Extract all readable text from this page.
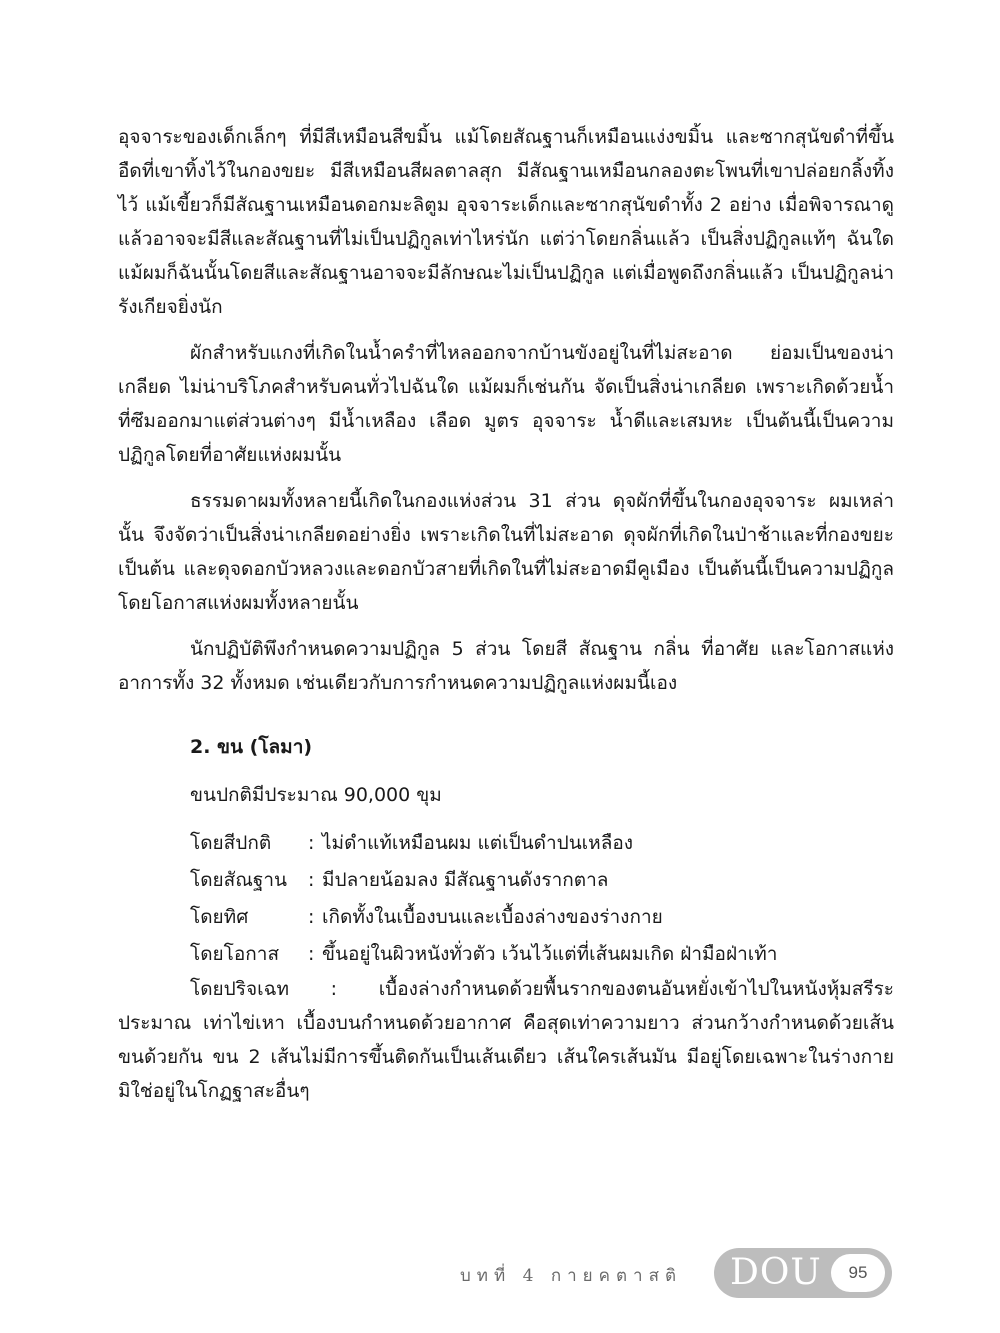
อุจจาระของเด็กเล็กๆ ที่มีสีเหมือนสีขมิ้น แม้โดยสัณฐานก็เหมือนแง่งขมิ้น และซากสุนัขดำที่ขึ้นอืดที่เขาทิ้งไว้ในกองขยะ มีสีเหมือนสีผลตาลสุก มีสัณฐานเหมือนกลองตะโพนที่เขาปล่อยกลิ้งทิ้งไว้ แม้เขี้ยวก็มีสัณฐานเหมือนดอกมะลิตูม อุจจาระเด็กและซากสุนัขดำทั้ง 2 อย่าง เมื่อพิจารณาดูแล้วอาจจะมีสีและสัณฐานที่ไม่เป็นปฏิกูลเท่าไหร่นัก แต่ว่าโดยกลิ่นแล้ว เป็นสิ่งปฏิกูลแท้ๆ ฉันใด แม้ผมก็ฉันนั้นโดยสีและสัณฐานอาจจะมีลักษณะไม่เป็นปฏิกูล แต่เมื่อพูดถึงกลิ่นแล้ว เป็นปฏิกูลน่ารังเกียจยิ่งนัก

ผักสำหรับแกงที่เกิดในน้ำครำที่ไหลออกจากบ้านขังอยู่ในที่ไม่สะอาด ย่อมเป็นของน่าเกลียด ไม่น่าบริโภคสำหรับคนทั่วไปฉันใด แม้ผมก็เช่นกัน จัดเป็นสิ่งน่าเกลียด เพราะเกิดด้วยน้ำที่ซึมออกมาแต่ส่วนต่างๆ มีน้ำเหลือง เลือด มูตร อุจจาระ น้ำดีและเสมหะ เป็นต้นนี้เป็นความปฏิกูลโดยที่อาศัยแห่งผมนั้น

ธรรมดาผมทั้งหลายนี้เกิดในกองแห่งส่วน 31 ส่วน ดุจผักที่ขึ้นในกองอุจจาระ ผมเหล่านั้น จึงจัดว่าเป็นสิ่งน่าเกลียดอย่างยิ่ง เพราะเกิดในที่ไม่สะอาด ดุจผักที่เกิดในป่าช้าและที่กองขยะ เป็นต้น และดุจดอกบัวหลวงและดอกบัวสายที่เกิดในที่ไม่สะอาดมีคูเมือง เป็นต้นนี้เป็นความปฏิกูลโดยโอกาสแห่งผมทั้งหลายนั้น

นักปฏิบัติพึงกำหนดความปฏิกูล 5 ส่วน โดยสี สัณฐาน กลิ่น ที่อาศัย และโอกาสแห่งอาการทั้ง 32 ทั้งหมด เช่นเดียวกับการกำหนดความปฏิกูลแห่งผมนี้เอง

2. ขน (โลมา)
ขนปกติมีประมาณ 90,000 ขุม
โดยสีปกติ	: ไม่ดำแท้เหมือนผม แต่เป็นดำปนเหลือง
โดยสัณฐาน	: มีปลายน้อมลง มีสัณฐานดังรากตาล
โดยทิศ	: เกิดทั้งในเบื้องบนและเบื้องล่างของร่างกาย
โดยโอกาส	: ขึ้นอยู่ในผิวหนังทั่วตัว เว้นไว้แต่ที่เส้นผมเกิด ฝ่ามือฝ่าเท้า

โดยปริจเฉท : เบื้องล่างกำหนดด้วยพื้นรากของตนอันหยั่งเข้าไปในหนังหุ้มสรีระประมาณ เท่าไข่เหา เบื้องบนกำหนดด้วยอากาศ คือสุดเท่าความยาว ส่วนกว้างกำหนดด้วยเส้นขนด้วยกัน ขน 2 เส้นไม่มีการขึ้นติดกันเป็นเส้นเดียว เส้นใครเส้นมัน มีอยู่โดยเฉพาะในร่างกาย มิใช่อยู่ในโกฏฐาสะอื่นๆ

บทที่ 4 กายคตาสติ DOU	95
